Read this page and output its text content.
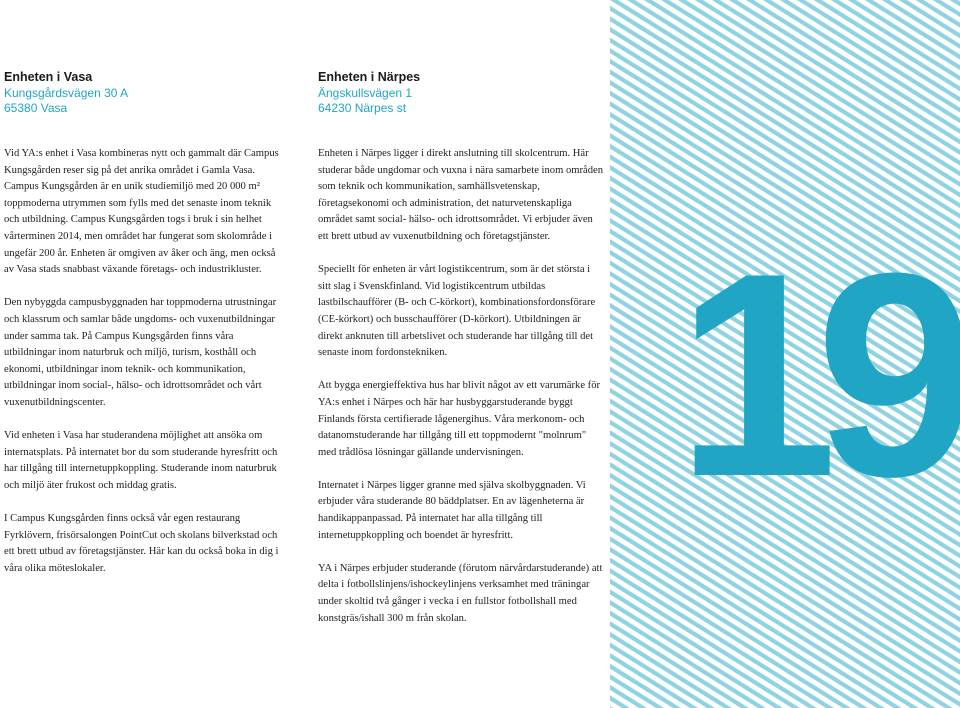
Enheten i Vasa
Kungsgårdsvägen 30 A
65380 Vasa

Vid YA:s enhet i Vasa kombineras nytt och gammalt där Campus Kungsgården reser sig på det anrika området i Gamla Vasa. Campus Kungsgården är en unik studiemiljö med 20 000 m² toppmoderna utrymmen som fylls med det senaste inom teknik och utbildning. Campus Kungsgården togs i bruk i sin helhet vårterminen 2014, men området har fungerat som skolområde i ungefär 200 år. Enheten är omgiven av åker och äng, men också av Vasa stads snabbast växande företags- och industrikluster.

Den nybyggda campusbyggnaden har toppmoderna utrustningar och klassrum och samlar både ungdoms- och vuxenutbildningar under samma tak. På Campus Kungsgården finns våra utbildningar inom naturbruk och miljö, turism, kosthåll och ekonomi, utbildningar inom teknik- och kommunikation, utbildningar inom social-, hälso- och idrottsområdet och vårt vuxenutbildningscenter.

Vid enheten i Vasa har studerandena möjlighet att ansöka om internatsplats. På internatet bor du som studerande hyresfritt och har tillgång till internetuppkoppling. Studerande inom naturbruk och miljö äter frukost och middag gratis.

I Campus Kungsgården finns också vår egen restaurang Fyrklövern, frisörsalongen PointCut och skolans bilverkstad och ett brett utbud av företagstjänster. Här kan du också boka in dig i våra olika möteslokaler.

Enheten i Närpes
Ängskullsvägen 1
64230 Närpes st

Enheten i Närpes ligger i direkt anslutning till skolcentrum. Här studerar både ungdomar och vuxna i nära samarbete inom områden som teknik och kommunikation, samhällsvetenskap, företagsekonomi och administration, det naturvetenskapliga området samt social- hälso- och idrottsområdet. Vi erbjuder även ett brett utbud av vuxenutbildning och företagstjänster.

Speciellt för enheten är vårt logistikcentrum, som är det största i sitt slag i Svenskfinland. Vid logistikcentrum utbildas lastbilschaufförer (B- och C-körkort), kombinationsfordonsförare (CE-körkort) och busschaufförer (D-körkort). Utbildningen är direkt anknuten till arbetslivet och studerande har tillgång till det senaste inom fordonstekniken.

Att bygga energieffektiva hus har blivit något av ett varumärke för YA:s enhet i Närpes och här har husbyggarstuderande byggt Finlands första certifierade lågenergihus. Våra merkonom- och datanomstuderande har tillgång till ett toppmodernt "molnrum" med trådlösa lösningar gällande undervisningen.

Internatet i Närpes ligger granne med själva skolbyggnaden. Vi erbjuder våra studerande 80 bäddplatser. En av lägenheterna är handikappanpassad. På internatet har alla tillgång till internetuppkoppling och boendet är hyresfritt.

YA i Närpes erbjuder studerande (förutom närvårdarstuderande) att delta i fotbollslinjens/ishockeylinjens verksamhet med träningar under skoltid två gånger i vecka i en fullstor fotbollshall med konstgräs/ishall 300 m från skolan.

19
